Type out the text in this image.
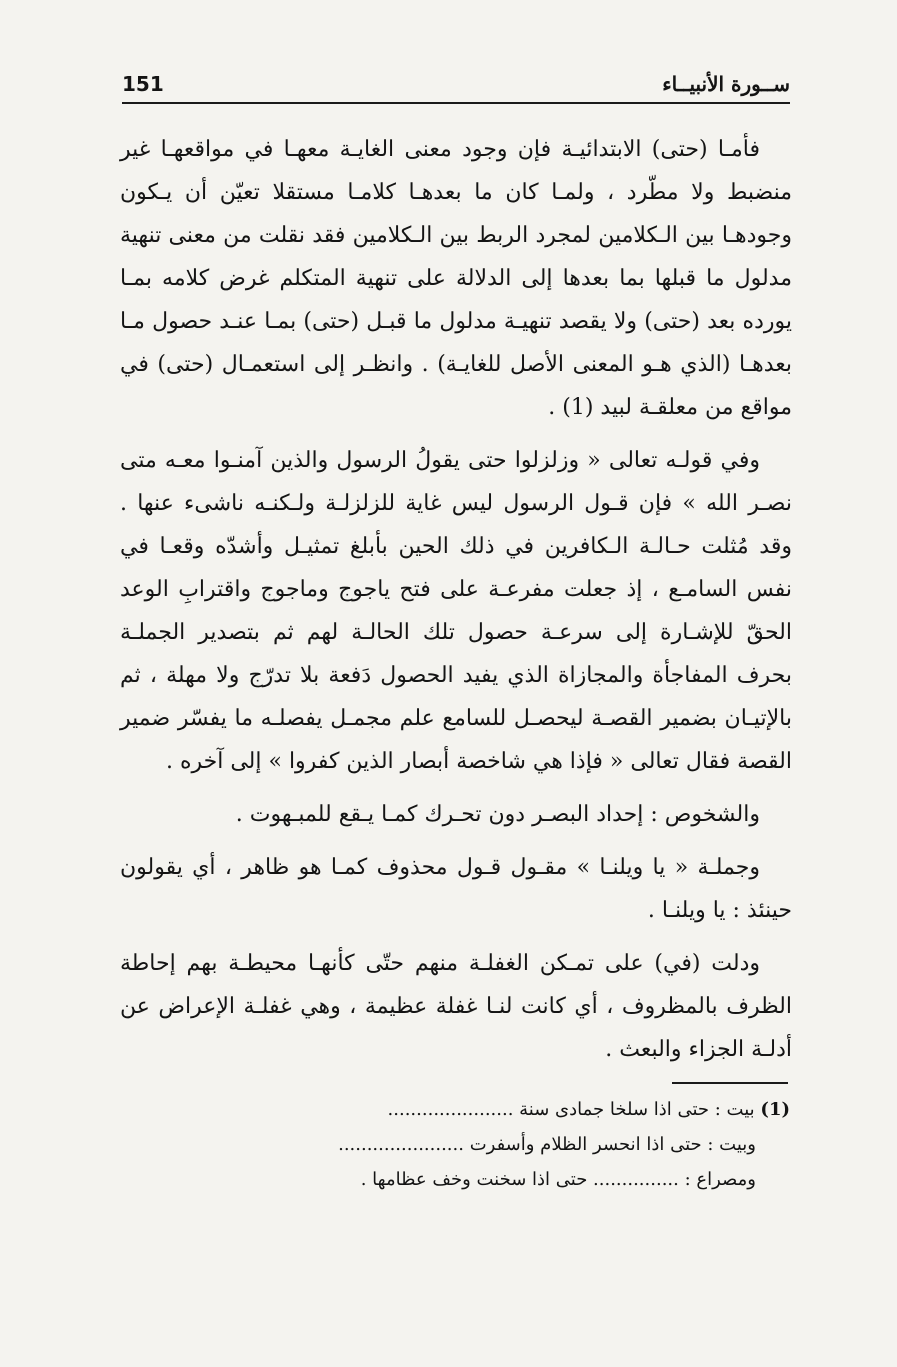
151	ســورة الأنبيــاء

فأمـا (حتى) الابتدائيـة فإن وجود معنى الغايـة معهـا في مواقعهـا غير منضبط ولا مطّرد ، ولمـا كان ما بعدهـا كلامـا مستقلا تعيّن أن يـكون وجودهـا بين الـكلامين لمجرد الربط بين الـكلامين فقد نقلت من معنى تنهية مدلول ما قبلها بما بعدها إلى الدلالة على تنهية المتكلم غرض كلامه بمـا يورده بعد (حتى) ولا يقصد تنهيـة مدلول ما قبـل (حتى) بمـا عنـد حصول مـا بعدهـا (الذي هـو المعنى الأصل للغايـة) . وانظـر إلى استعمـال (حتى) في مواقع من معلقـة لبيد (1) .

وفي قولـه تعالى « وزلزلوا حتى يقولُ الرسول والذين آمنـوا معـه متى نصـر الله » فإن قـول الرسول ليس غاية للزلزلـة ولـكنـه ناشىء عنها . وقد مُثلت حـالـة الـكافرين في ذلك الحين بأبلغ تمثيـل وأشدّه وقعـا في نفس السامـع ، إذ جعلت مفرعـة على فتح ياجوج وماجوج واقترابِ الوعد الحقّ للإشـارة إلى سرعـة حصول تلك الحالـة لهم ثم بتصدير الجملـة بحرف المفاجأة والمجازاة الذي يفيد الحصول دَفعة بلا تدرّج ولا مهلة ، ثم بالإتيـان بضمير القصـة ليحصـل للسامع علم مجمـل يفصلـه ما يفسّر ضمير القصة فقال تعالى « فإذا هي شاخصة أبصار الذين كفروا » إلى آخره .

والشخوص : إحداد البصـر دون تحـرك كمـا يـقع للمبـهوت .

وجملـة « يا ويلنـا » مقـول قـول محذوف كمـا هو ظاهر ، أي يقولون حينئذ : يا ويلنـا .

ودلت (في) على تمـكن الغفلـة منهم حتّى كأنهـا محيطـة بهم إحاطة الظرف بالمظروف ، أي كانت لنـا غفلة عظيمة ، وهي غفلـة الإعراض عن أدلـة الجزاء والبعث .

(1) بيت : حتى اذا سلخا جمادى سنة ......................
وبيت : حتى اذا انحسر الظلام وأسفرت ......................
ومصراع : ............... حتى اذا سخنت وخف عظامها .
